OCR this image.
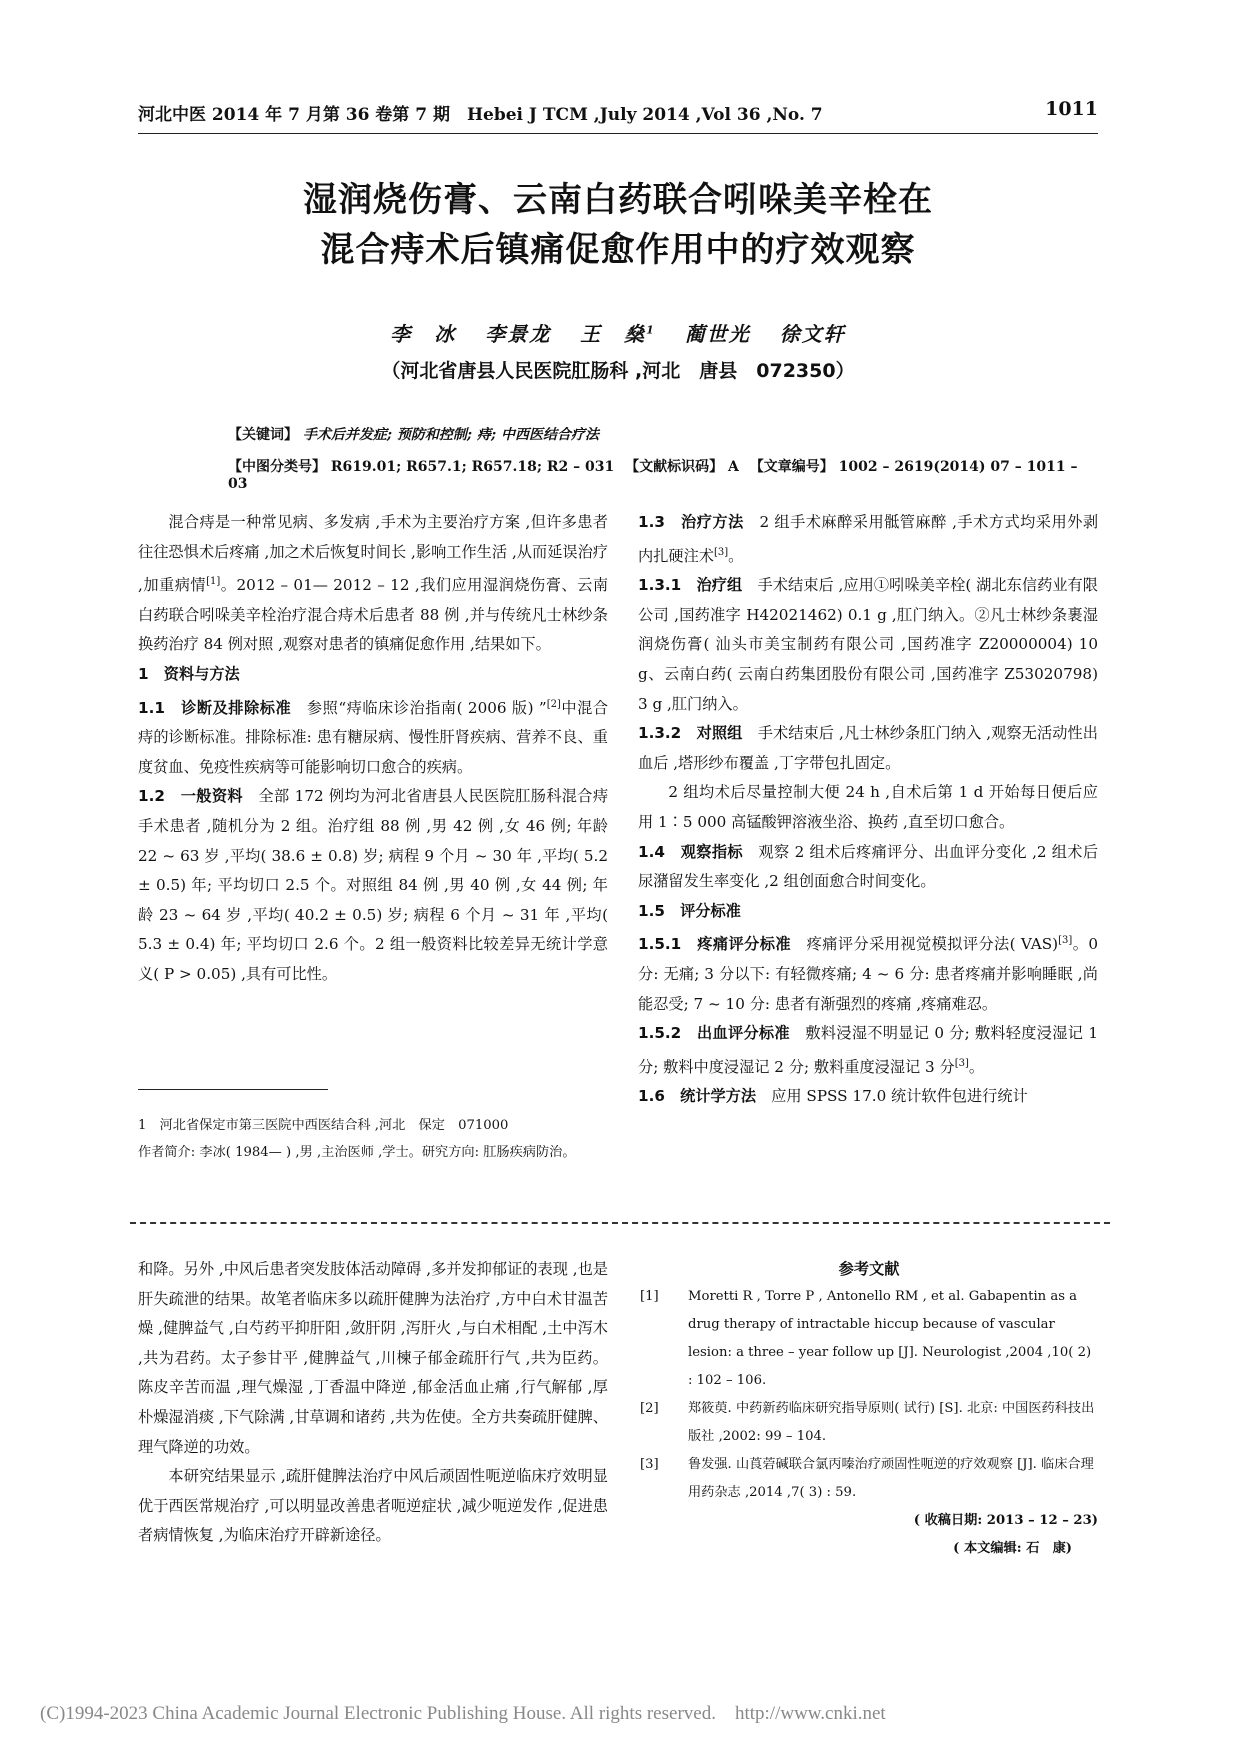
河北中医 2014 年 7 月第 36 卷第 7 期　Hebei J TCM ,July 2014 ,Vol 36 ,No. 7	1011
湿润烧伤膏、云南白药联合吲哚美辛栓在
混合痔术后镇痛促愈作用中的疗效观察
李　冰 李景龙 王　燊$^1$ 蔺世光 徐文轩
（河北省唐县人民医院肛肠科 ,河北　唐县　072350）
【关键词】 手术后并发症; 预防和控制; 痔; 中西医结合疗法
【中图分类号】 R619.01; R657.1; R657.18; R2 – 031 【文献标识码】 A 【文章编号】 1002 – 2619(2014) 07 – 1011 – 03

混合痔是一种常见病、多发病 ,手术为主要治疗方案 ,但许多患者往往恐惧术后疼痛 ,加之术后恢复时间长 ,影响工作生活 ,从而延误治疗 ,加重病情[1]。2012 – 01— 2012 – 12 ,我们应用湿润烧伤膏、云南白药联合吲哚美辛栓治疗混合痔术后患者 88 例 ,并与传统凡士林纱条换药治疗 84 例对照 ,观察对患者的镇痛促愈作用 ,结果如下。

1　资料与方法

1.1　诊断及排除标准　参照“痔临床诊治指南( 2006 版) ”[2]中混合痔的诊断标准。排除标准: 患有糖尿病、慢性肝肾疾病、营养不良、重度贫血、免疫性疾病等可能影响切口愈合的疾病。

1.2　一般资料　全部 172 例均为河北省唐县人民医院肛肠科混合痔手术患者 ,随机分为 2 组。治疗组 88 例 ,男 42 例 ,女 46 例; 年龄 22 ~ 63 岁 ,平均( 38.6 ± 0.8) 岁; 病程 9 个月 ~ 30 年 ,平均( 5.2 ± 0.5) 年; 平均切口 2.5 个。对照组 84 例 ,男 40 例 ,女 44 例; 年龄 23 ~ 64 岁 ,平均( 40.2 ± 0.5) 岁; 病程 6 个月 ~ 31 年 ,平均( 5.3 ± 0.4) 年; 平均切口 2.6 个。2 组一般资料比较差异无统计学意义( P > 0.05) ,具有可比性。

1　河北省保定市第三医院中西医结合科 ,河北　保定　071000

作者简介: 李冰( 1984— ) ,男 ,主治医师 ,学士。研究方向: 肛肠疾病防治。

1.3　治疗方法　2 组手术麻醉采用骶管麻醉 ,手术方式均采用外剥内扎硬注术[3]。

1.3.1　治疗组　手术结束后 ,应用①吲哚美辛栓( 湖北东信药业有限公司 ,国药准字 H42021462) 0.1 g ,肛门纳入。②凡士林纱条裹湿润烧伤膏( 汕头市美宝制药有限公司 ,国药准字 Z20000004) 10 g、云南白药( 云南白药集团股份有限公司 ,国药准字 Z53020798) 3 g ,肛门纳入。

1.3.2　对照组　手术结束后 ,凡士林纱条肛门纳入 ,观察无活动性出血后 ,塔形纱布覆盖 ,丁字带包扎固定。

2 组均术后尽量控制大便 24 h ,自术后第 1 d 开始每日便后应用 1∶5 000 高锰酸钾溶液坐浴、换药 ,直至切口愈合。

1.4　观察指标　观察 2 组术后疼痛评分、出血评分变化 ,2 组术后尿潴留发生率变化 ,2 组创面愈合时间变化。

1.5　评分标准

1.5.1　疼痛评分标准　疼痛评分采用视觉模拟评分法( VAS)[3]。0 分: 无痛; 3 分以下: 有轻微疼痛; 4 ~ 6 分: 患者疼痛并影响睡眠 ,尚能忍受; 7 ~ 10 分: 患者有渐强烈的疼痛 ,疼痛难忍。

1.5.2　出血评分标准　敷料浸湿不明显记 0 分; 敷料轻度浸湿记 1 分; 敷料中度浸湿记 2 分; 敷料重度浸湿记 3 分[3]。

1.6　统计学方法　应用 SPSS 17.0 统计软件包进行统计

和降。另外 ,中风后患者突发肢体活动障碍 ,多并发抑郁证的表现 ,也是肝失疏泄的结果。故笔者临床多以疏肝健脾为法治疗 ,方中白术甘温苦燥 ,健脾益气 ,白芍药平抑肝阳 ,敛肝阴 ,泻肝火 ,与白术相配 ,土中泻木 ,共为君药。太子参甘平 ,健脾益气 ,川楝子郁金疏肝行气 ,共为臣药。陈皮辛苦而温 ,理气燥湿 ,丁香温中降逆 ,郁金活血止痛 ,行气解郁 ,厚朴燥湿消痰 ,下气除满 ,甘草调和诸药 ,共为佐使。全方共奏疏肝健脾、理气降逆的功效。

本研究结果显示 ,疏肝健脾法治疗中风后顽固性呃逆临床疗效明显优于西医常规治疗 ,可以明显改善患者呃逆症状 ,减少呃逆发作 ,促进患者病情恢复 ,为临床治疗开辟新途径。

参考文献
[1] Moretti R , Torre P , Antonello RM , et al. Gabapentin as a drug therapy of intractable hiccup because of vascular lesion: a three – year follow up [J]. Neurologist ,2004 ,10( 2) : 102 – 106.
[2] 郑筱萸. 中药新药临床研究指导原则( 试行) [S]. 北京: 中国医药科技出版社 ,2002: 99 – 104.
[3] 鲁发强. 山莨菪碱联合氯丙嗪治疗顽固性呃逆的疗效观察 [J]. 临床合理用药杂志 ,2014 ,7( 3) : 59.
( 收稿日期: 2013 – 12 – 23)
( 本文编辑: 石　康)
(C)1994-2023 China Academic Journal Electronic Publishing House. All rights reserved.　http://www.cnki.net
